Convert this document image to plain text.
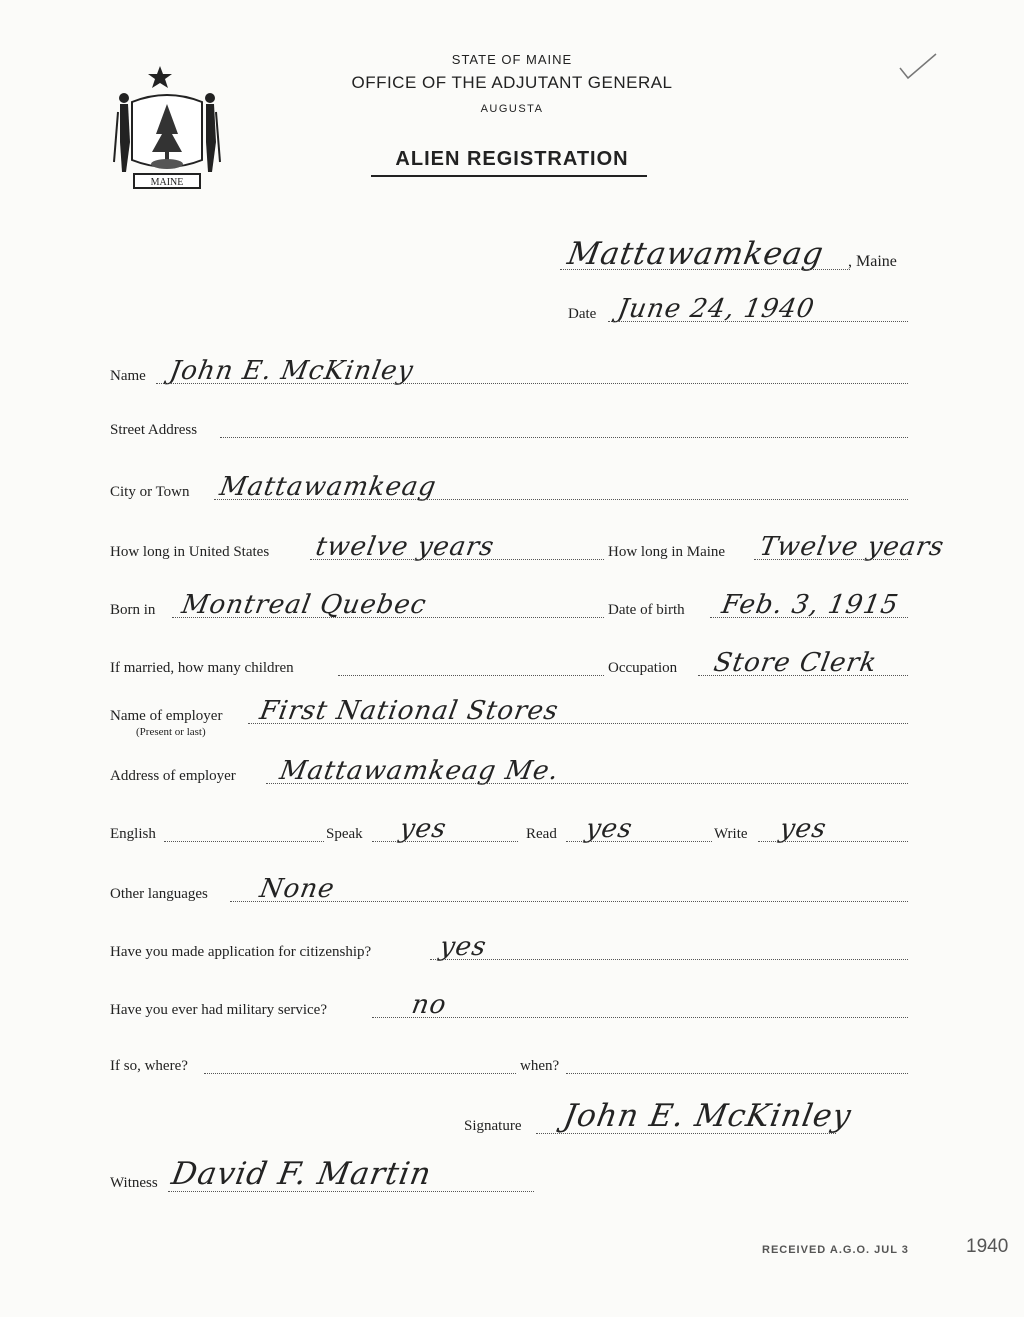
MAINE
STATE OF MAINE
OFFICE OF THE ADJUTANT GENERAL
AUGUSTA
ALIEN REGISTRATION
Mattawamkeag , Maine
Date June 24, 1940
Name John E. McKinley
Street Address
City or Town Mattawamkeag
How long in United States twelve years	How long in Maine Twelve years
Born in Montreal Quebec	Date of birth Feb. 3, 1915
If married, how many children	Occupation Store Clerk
Name of employer
(Present or last)
First National Stores
Address of employer Mattawamkeag Me.
English	Speak yes	Read yes	Write yes
Other languages None
Have you made application for citizenship?	yes
Have you ever had military service?	no
If so, where?	when?
Signature John E. McKinley
Witness David F. Martin
RECEIVED A.G.O. JUL 3	1940
